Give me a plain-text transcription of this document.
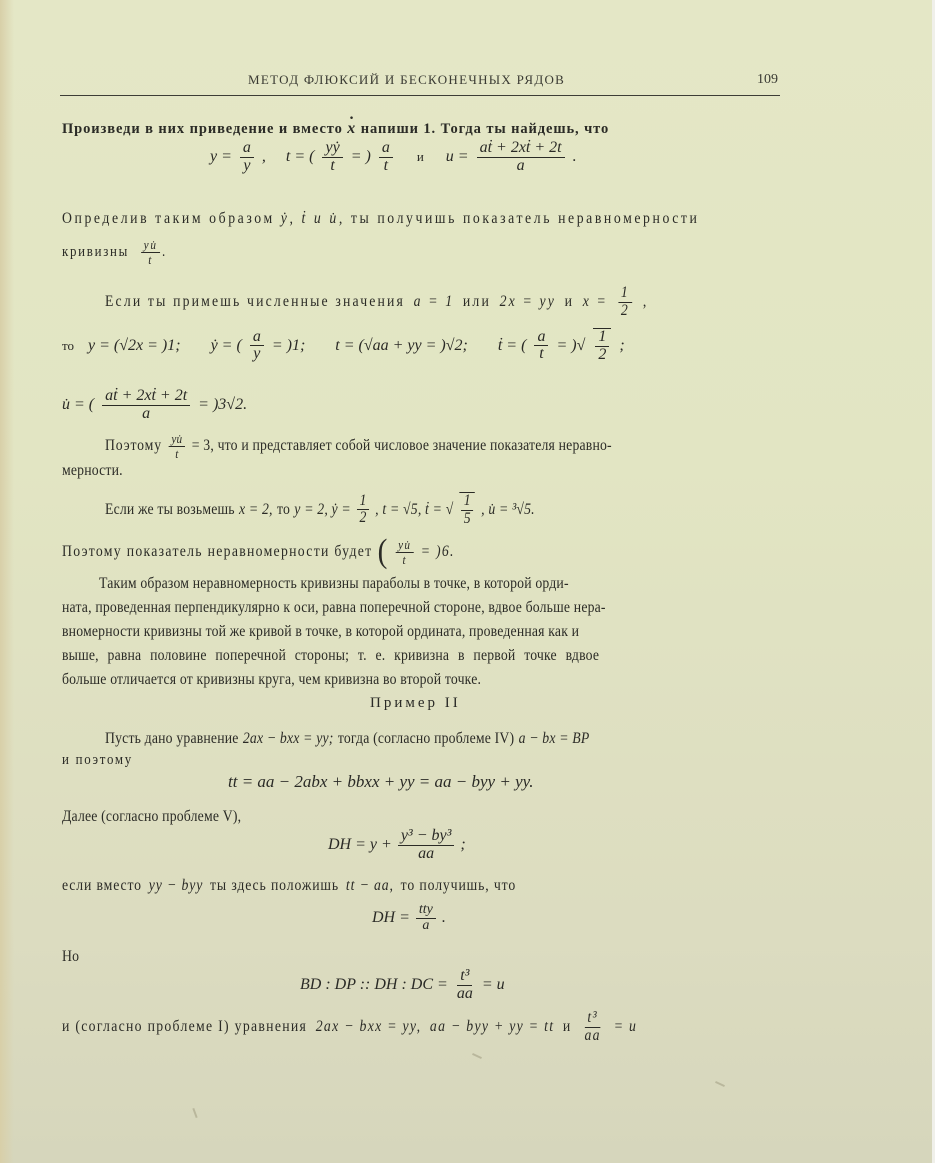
МЕТОД ФЛЮКСИЙ И БЕСКОНЕЧНЫХ РЯДОВ	109
Произведи в них приведение и вместо · x напиши 1. Тогда ты найдешь, что
$y = \frac{a}{y}$ , t = ( $\frac{\text{yẏ}}{t}$ = ) $\frac{a}{t}$ и $u = \frac{\text{aṫ + 2xṫ + 2t}}{a}$ .
Определив таким образом ẏ, ṫ и u̇, ты получишь показатель неравномерности
кривизны $\frac{yu̇}{t}$ .
Если ты примешь численные значения a = 1 или 2x = yy и $x = \frac{1}{2}$ ,
то y = (√2x = )1; ẏ = ( $\frac{a}{y} = )1$; t = (√aa + yy = )√2; ṫ = ( $\frac{a}{t}$ = )√ $\frac{1}{2}$ ;
u̇ = ( $\frac{\text{aṫ + 2xṫ + 2t}}{a} = )3√2$.
Поэтому $\frac{yu̇}{t} = 3$, что и представляет собой числовое значение показателя неравно-
мерности.
Если же ты возьмешь x = 2, то y = 2, ẏ = $\frac{1}{2}$ , t = √5, ṫ = √ $\frac{1}{5}$ , u̇ = ³√5.
Поэтому показатель неравномерности будет ( $\frac{yu̇}{t} = )6$.
Таким образом неравномерность кривизны параболы в точке, в которой орди-
ната, проведенная перпендикулярно к оси, равна поперечной стороне, вдвое больше нера-
вномерности кривизны той же кривой в точке, в которой ордината, проведенная как и
выше, равна половине поперечной стороны; т. е. кривизна в первой точке вдвое
больше отличается от кривизны круга, чем кривизна во второй точке.
Пример II
Пусть дано уравнение 2ax − bxx = yy; тогда (согласно проблеме IV) a − bx = BP
и поэтому
tt = aa − 2abx + bbxx + yy = aa − byy + yy.
Далее (согласно проблеме V),
DH = $y + \frac{\text{y³ − by³}}{aa}$ ;
если вместо yy − byy ты здесь положишь tt − aa, то получишь, что
DH = $\frac{\text{tty}}{a}$ .
Но
BD : DP :: DH : DC = $\frac{\text{t³}}{aa} = u$
и (согласно проблеме I) уравнения 2ax − bxx = yy, aa − byy + yy = tt и $\frac{\text{t³}}{aa} = u$
